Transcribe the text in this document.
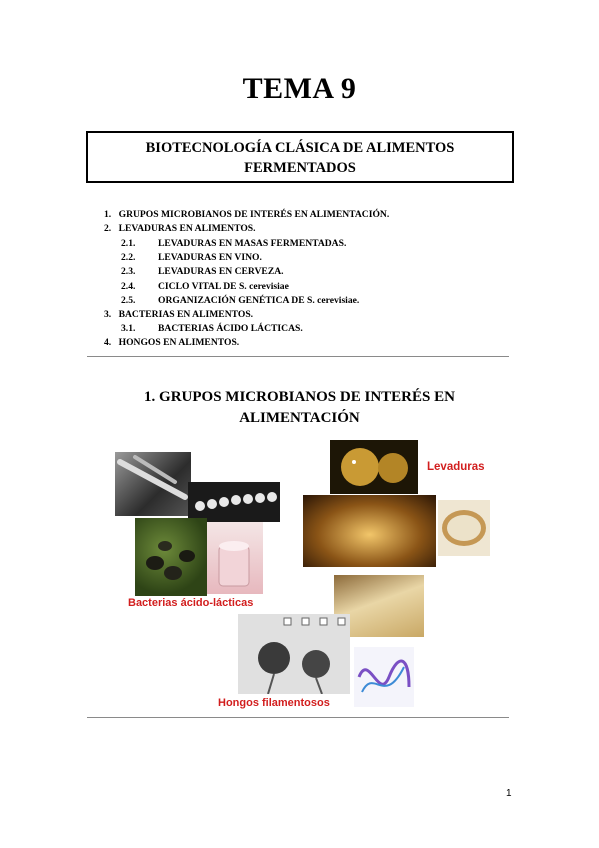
TEMA 9
BIOTECNOLOGÍA CLÁSICA DE ALIMENTOS
FERMENTADOS
1. GRUPOS MICROBIANOS DE INTERÉS EN ALIMENTACIÓN.
2. LEVADURAS EN ALIMENTOS.
2.1. LEVADURAS EN MASAS FERMENTADAS.
2.2. LEVADURAS EN VINO.
2.3. LEVADURAS EN CERVEZA.
2.4. CICLO VITAL DE S. cerevisiae
2.5. ORGANIZACIÓN GENÉTICA DE S. cerevisiae.
3. BACTERIAS EN ALIMENTOS.
3.1. BACTERIAS ÁCIDO LÁCTICAS.
4. HONGOS EN ALIMENTOS.
1. GRUPOS MICROBIANOS DE INTERÉS EN
ALIMENTACIÓN
Bacterias ácido-lácticas
Levaduras
Hongos filamentosos
1
